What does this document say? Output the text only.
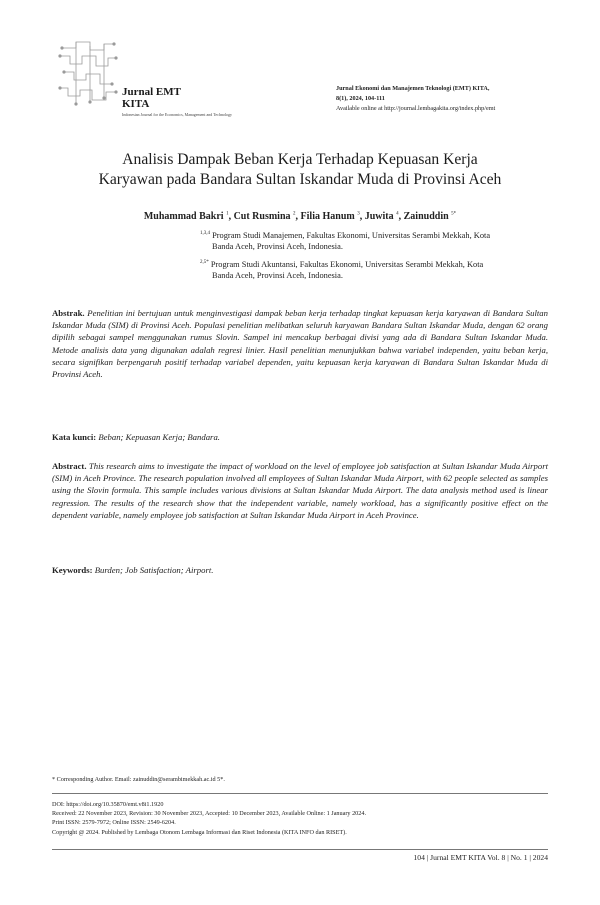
Jurnal EMT
KITA
Indonesian Journal for the Economics, Management and Technology
Jurnal Ekonomi dan Manajemen Teknologi (EMT) KITA,
8(1), 2024, 104-111
Available online at http://journal.lembagakita.org/index.php/emt
Analisis Dampak Beban Kerja Terhadap Kepuasan Kerja
Karyawan pada Bandara Sultan Iskandar Muda di Provinsi Aceh
Muhammad Bakri $^1$, Cut Rusmina $^2$, Filia Hanum $^3$, Juwita $^4$, Zainuddin $^{5*}$
$^{1,3,4}$ Program Studi Manajemen, Fakultas Ekonomi, Universitas Serambi Mekkah, Kota
Banda Aceh, Provinsi Aceh, Indonesia.
$^{2,5*}$ Program Studi Akuntansi, Fakultas Ekonomi, Universitas Serambi Mekkah, Kota
Banda Aceh, Provinsi Aceh, Indonesia.
Abstrak. Penelitian ini bertujuan untuk menginvestigasi dampak beban kerja terhadap tingkat kepuasan kerja karyawan di Bandara Sultan Iskandar Muda (SIM) di Provinsi Aceh. Populasi penelitian melibatkan seluruh karyawan Bandara Sultan Iskandar Muda, dengan 62 orang dipilih sebagai sampel menggunakan rumus Slovin. Sampel ini mencakup berbagai divisi yang ada di Bandara Sultan Iskandar Muda. Metode analisis data yang digunakan adalah regresi linier. Hasil penelitian menunjukkan bahwa variabel independen, yaitu beban kerja, secara signifikan berpengaruh positif terhadap variabel dependen, yaitu kepuasan kerja karyawan di Bandara Sultan Iskandar Muda di Provinsi Aceh.
Kata kunci: Beban; Kepuasan Kerja; Bandara.
Abstract. This research aims to investigate the impact of workload on the level of employee job satisfaction at Sultan Iskandar Muda Airport (SIM) in Aceh Province. The research population involved all employees of Sultan Iskandar Muda Airport, with 62 people selected as samples using the Slovin formula. This sample includes various divisions at Sultan Iskandar Muda Airport. The data analysis method used is linear regression. The results of the research show that the independent variable, namely workload, has a significantly positive effect on the dependent variable, namely employee job satisfaction at Sultan Iskandar Muda Airport in Aceh Province.
Keywords: Burden; Job Satisfaction; Airport.
* Corresponding Author. Email: zainuddin@serambimekkah.ac.id 5*.
DOI: https://doi.org/10.35870/emt.v8i1.1920
Received: 22 November 2023, Revision: 30 November 2023, Accepted: 10 December 2023, Available Online: 1 January 2024.
Print ISSN: 2579-7972; Online ISSN: 2549-6204.
Copyright @ 2024. Published by Lembaga Otonom Lembaga Informasi dan Riset Indonesia (KITA INFO dan RISET).
104 | Jurnal EMT KITA Vol. 8 | No. 1 | 2024
